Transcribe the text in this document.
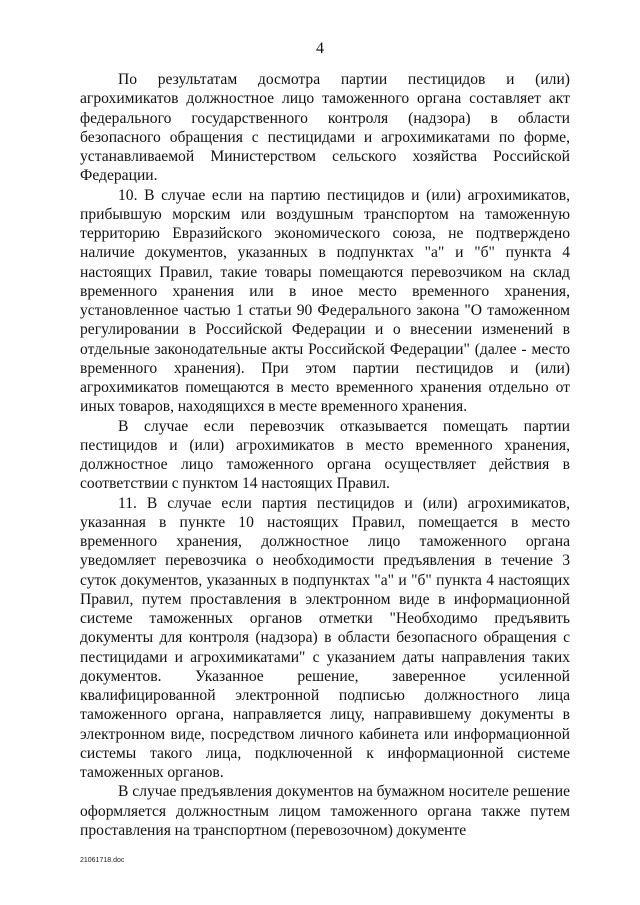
4

По результатам досмотра партии пестицидов и (или) агрохимикатов должностное лицо таможенного органа составляет акт федерального государственного контроля (надзора) в области безопасного обращения с пестицидами и агрохимикатами по форме, устанавливаемой Министерством сельского хозяйства Российской Федерации.

10. В случае если на партию пестицидов и (или) агрохимикатов, прибывшую морским или воздушным транспортом на таможенную территорию Евразийского экономического союза, не подтверждено наличие документов, указанных в подпунктах "а" и "б" пункта 4 настоящих Правил, такие товары помещаются перевозчиком на склад временного хранения или в иное место временного хранения, установленное частью 1 статьи 90 Федерального закона "О таможенном регулировании в Российской Федерации и о внесении изменений в отдельные законодательные акты Российской Федерации" (далее - место временного хранения). При этом партии пестицидов и (или) агрохимикатов помещаются в место временного хранения отдельно от иных товаров, находящихся в месте временного хранения.

В случае если перевозчик отказывается помещать партии пестицидов и (или) агрохимикатов в место временного хранения, должностное лицо таможенного органа осуществляет действия в соответствии с пунктом 14 настоящих Правил.

11. В случае если партия пестицидов и (или) агрохимикатов, указанная в пункте 10 настоящих Правил, помещается в место временного хранения, должностное лицо таможенного органа уведомляет перевозчика о необходимости предъявления в течение 3 суток документов, указанных в подпунктах "а" и "б" пункта 4 настоящих Правил, путем проставления в электронном виде в информационной системе таможенных органов отметки "Необходимо предъявить документы для контроля (надзора) в области безопасного обращения с пестицидами и агрохимикатами" с указанием даты направления таких документов. Указанное решение, заверенное усиленной квалифицированной электронной подписью должностного лица таможенного органа, направляется лицу, направившему документы в электронном виде, посредством личного кабинета или информационной системы такого лица, подключенной к информационной системе таможенных органов.

В случае предъявления документов на бумажном носителе решение оформляется должностным лицом таможенного органа также путем проставления на транспортном (перевозочном) документе

21061718.doc
